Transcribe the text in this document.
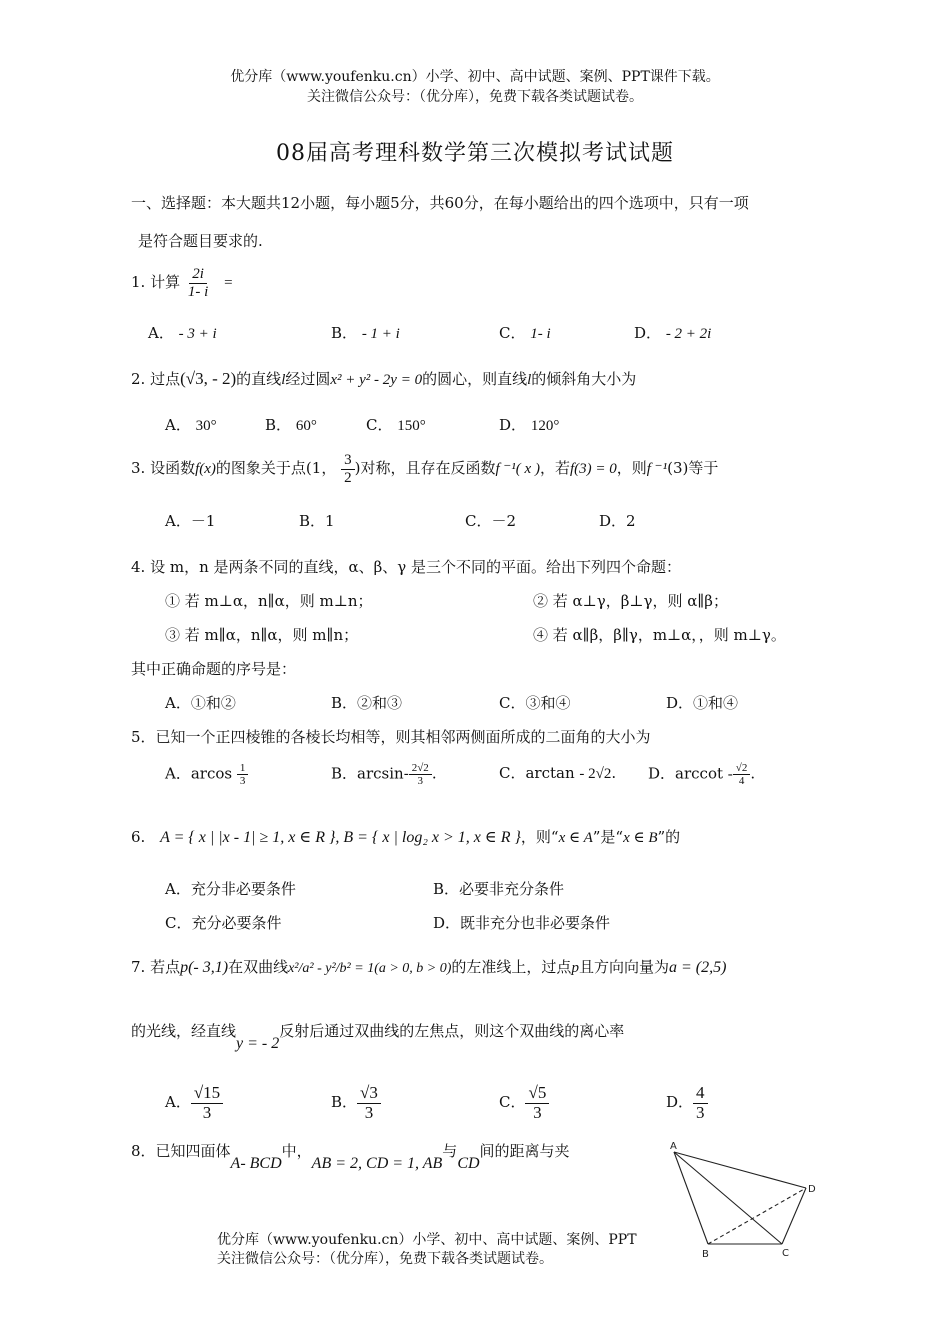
优分库（www.youfenku.cn）小学、初中、高中试题、案例、PPT课件下载。
关注微信公众号：（优分库），免费下载各类试题试卷。
08届高考理科数学第三次模拟考试试题
一、选择题：本大题共12小题，每小题5分，共60分，在每小题给出的四个选项中，只有一项
是符合题目要求的.
1. 计算 $\frac{2i}{1- i}$ =
A． - 3 + i	B． - 1 + i	C． 1- i	D． - 2 + 2i
2. 过点(√3, - 2)的直线l经过圆x² + y² - 2y = 0的圆心，则直线l的倾斜角大小为
A． 30°	B． 60°	C． 150°	D． 120°
3. 设函数f(x)的图象关于点(1， $\frac{3}{2}$ )对称，且存在反函数f ⁻¹( x )，若f(3) = 0，则f ⁻¹(3)等于
A．－1	B．1	C．－2	D．2
4. 设 m，n 是两条不同的直线，α、β、γ 是三个不同的平面。给出下列四个命题：
① 若 m⊥α，n∥α，则 m⊥n；	② 若 α⊥γ，β⊥γ，则 α∥β；
③ 若 m∥α，n∥α，则 m∥n；	④ 若 α∥β，β∥γ，m⊥α，，则 m⊥γ。
其中正确命题的序号是：
A．①和②	B．②和③	C．③和④	D．①和④
5．已知一个正四棱锥的各棱长均相等，则其相邻两侧面所成的二面角的大小为
A．arcos $\frac{1}{3}$	B．$\arcsin- \frac{2√2}{3}$ .	C．arctan - 2√2. D．arccot - $\frac{√2}{4}$ .
6. A = { x | |x - 1| ≥ 1, x ∈ R }, B = { x | log₂ x > 1, x ∈ R }，则“x ∈ A”是“x ∈ B”的
A．充分非必要条件	B．必要非充分条件
C．充分必要条件	D．既非充分也非必要条件
7. 若点p(- 3,1)在双曲线x²/a² - y²/b² = 1(a > 0, b > 0)的左准线上，过点p且方向向量为a = (2,5)
的光线，经直线y = - 2反射后通过双曲线的左焦点，则这个双曲线的离心率
A． $\frac{√15}{3}$	B． $\frac{√3}{3}$	C． $\frac{√5}{3}$	D． $\frac{4}{3}$
8．已知四面体A- BCD中，AB = 2, CD = 1, AB与CD间的距离与夹	A
B	C
D
优分库（www.youfenku.cn）小学、初中、高中试题、案例、PPT
关注微信公众号：（优分库），免费下载各类试题试卷。
